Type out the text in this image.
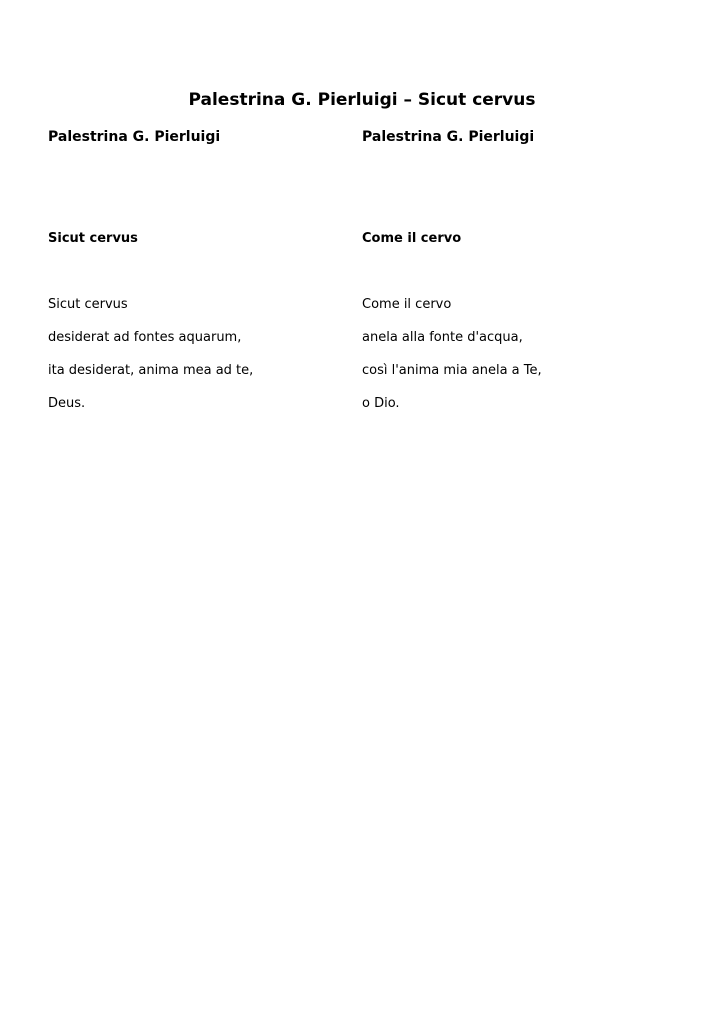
Palestrina G. Pierluigi – Sicut cervus
Palestrina G. Pierluigi
Sicut cervus
Sicut cervus
desiderat ad fontes aquarum,
ita desiderat, anima mea ad te,
Deus.
Palestrina G. Pierluigi
Come il cervo
Come il cervo
anela alla fonte d'acqua,
così l'anima mia anela a Te,
o Dio.
